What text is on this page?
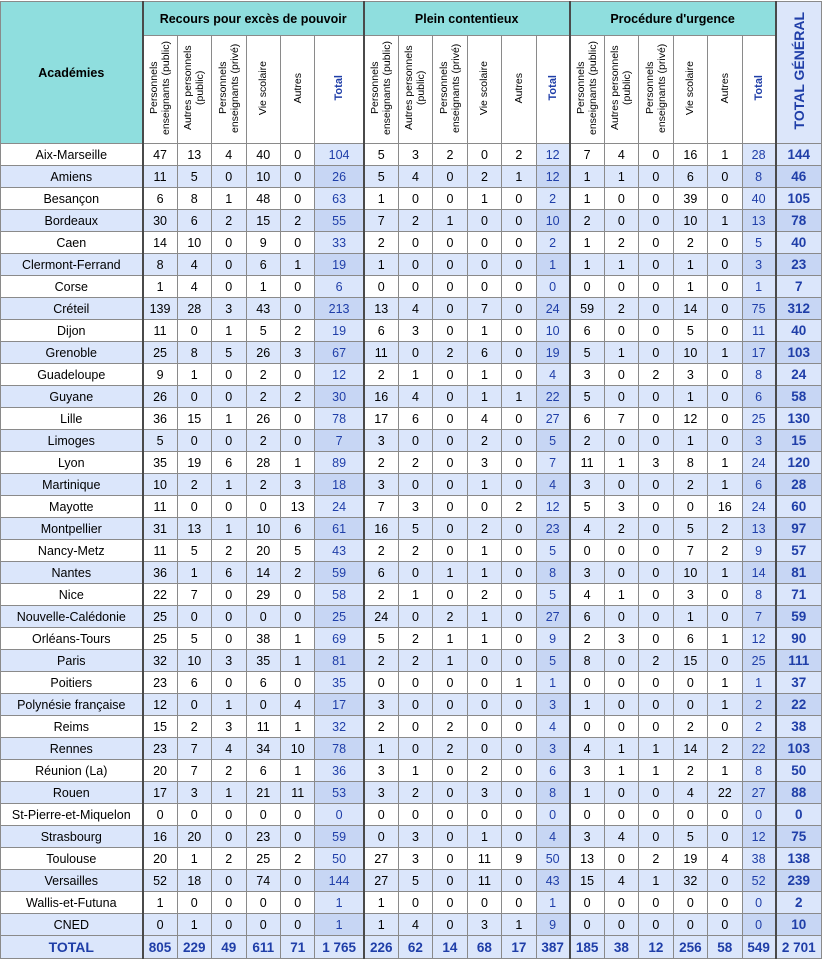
Académies	Recours pour excès de pouvoir						Plein contentieux						Procédure d'urgence						TOTAL GÉNÉRAL
	Personnels enseignants (public)	Autres personnels (public)	Personnels enseignants (privé)	Vie scolaire	Autres	Total	Personnels enseignants (public)	Autres personnels (public)	Personnels enseignants (privé)	Vie scolaire	Autres	Total	Personnels enseignants (public)	Autres personnels (public)	Personnels enseignants (privé)	Vie scolaire	Autres	Total	
Aix-Marseille	47	13	4	40	0	104	5	3	2	0	2	12	7	4	0	16	1	28	144
Amiens	11	5	0	10	0	26	5	4	0	2	1	12	1	1	0	6	0	8	46
Besançon	6	8	1	48	0	63	1	0	0	1	0	2	1	0	0	39	0	40	105
Bordeaux	30	6	2	15	2	55	7	2	1	0	0	10	2	0	0	10	1	13	78
Caen	14	10	0	9	0	33	2	0	0	0	0	2	1	2	0	2	0	5	40
Clermont-Ferrand	8	4	0	6	1	19	1	0	0	0	0	1	1	1	0	1	0	3	23
Corse	1	4	0	1	0	6	0	0	0	0	0	0	0	0	0	1	0	1	7
Créteil	139	28	3	43	0	213	13	4	0	7	0	24	59	2	0	14	0	75	312
Dijon	11	0	1	5	2	19	6	3	0	1	0	10	6	0	0	5	0	11	40
Grenoble	25	8	5	26	3	67	11	0	2	6	0	19	5	1	0	10	1	17	103
Guadeloupe	9	1	0	2	0	12	2	1	0	1	0	4	3	0	2	3	0	8	24
Guyane	26	0	0	2	2	30	16	4	0	1	1	22	5	0	0	1	0	6	58
Lille	36	15	1	26	0	78	17	6	0	4	0	27	6	7	0	12	0	25	130
Limoges	5	0	0	2	0	7	3	0	0	2	0	5	2	0	0	1	0	3	15
Lyon	35	19	6	28	1	89	2	2	0	3	0	7	11	1	3	8	1	24	120
Martinique	10	2	1	2	3	18	3	0	0	1	0	4	3	0	0	2	1	6	28
Mayotte	11	0	0	0	13	24	7	3	0	0	2	12	5	3	0	0	16	24	60
Montpellier	31	13	1	10	6	61	16	5	0	2	0	23	4	2	0	5	2	13	97
Nancy-Metz	11	5	2	20	5	43	2	2	0	1	0	5	0	0	0	7	2	9	57
Nantes	36	1	6	14	2	59	6	0	1	1	0	8	3	0	0	10	1	14	81
Nice	22	7	0	29	0	58	2	1	0	2	0	5	4	1	0	3	0	8	71
Nouvelle-Calédonie	25	0	0	0	0	25	24	0	2	1	0	27	6	0	0	1	0	7	59
Orléans-Tours	25	5	0	38	1	69	5	2	1	1	0	9	2	3	0	6	1	12	90
Paris	32	10	3	35	1	81	2	2	1	0	0	5	8	0	2	15	0	25	111
Poitiers	23	6	0	6	0	35	0	0	0	0	1	1	0	0	0	0	1	1	37
Polynésie française	12	0	1	0	4	17	3	0	0	0	0	3	1	0	0	0	1	2	22
Reims	15	2	3	11	1	32	2	0	2	0	0	4	0	0	0	2	0	2	38
Rennes	23	7	4	34	10	78	1	0	2	0	0	3	4	1	1	14	2	22	103
Réunion (La)	20	7	2	6	1	36	3	1	0	2	0	6	3	1	1	2	1	8	50
Rouen	17	3	1	21	11	53	3	2	0	3	0	8	1	0	0	4	22	27	88
St-Pierre-et-Miquelon	0	0	0	0	0	0	0	0	0	0	0	0	0	0	0	0	0	0	0
Strasbourg	16	20	0	23	0	59	0	3	0	1	0	4	3	4	0	5	0	12	75
Toulouse	20	1	2	25	2	50	27	3	0	11	9	50	13	0	2	19	4	38	138
Versailles	52	18	0	74	0	144	27	5	0	11	0	43	15	4	1	32	0	52	239
Wallis-et-Futuna	1	0	0	0	0	1	1	0	0	0	0	1	0	0	0	0	0	0	2
CNED	0	1	0	0	0	1	1	4	0	3	1	9	0	0	0	0	0	0	10
TOTAL	805	229	49	611	71	1 765	226	62	14	68	17	387	185	38	12	256	58	549	2 701
